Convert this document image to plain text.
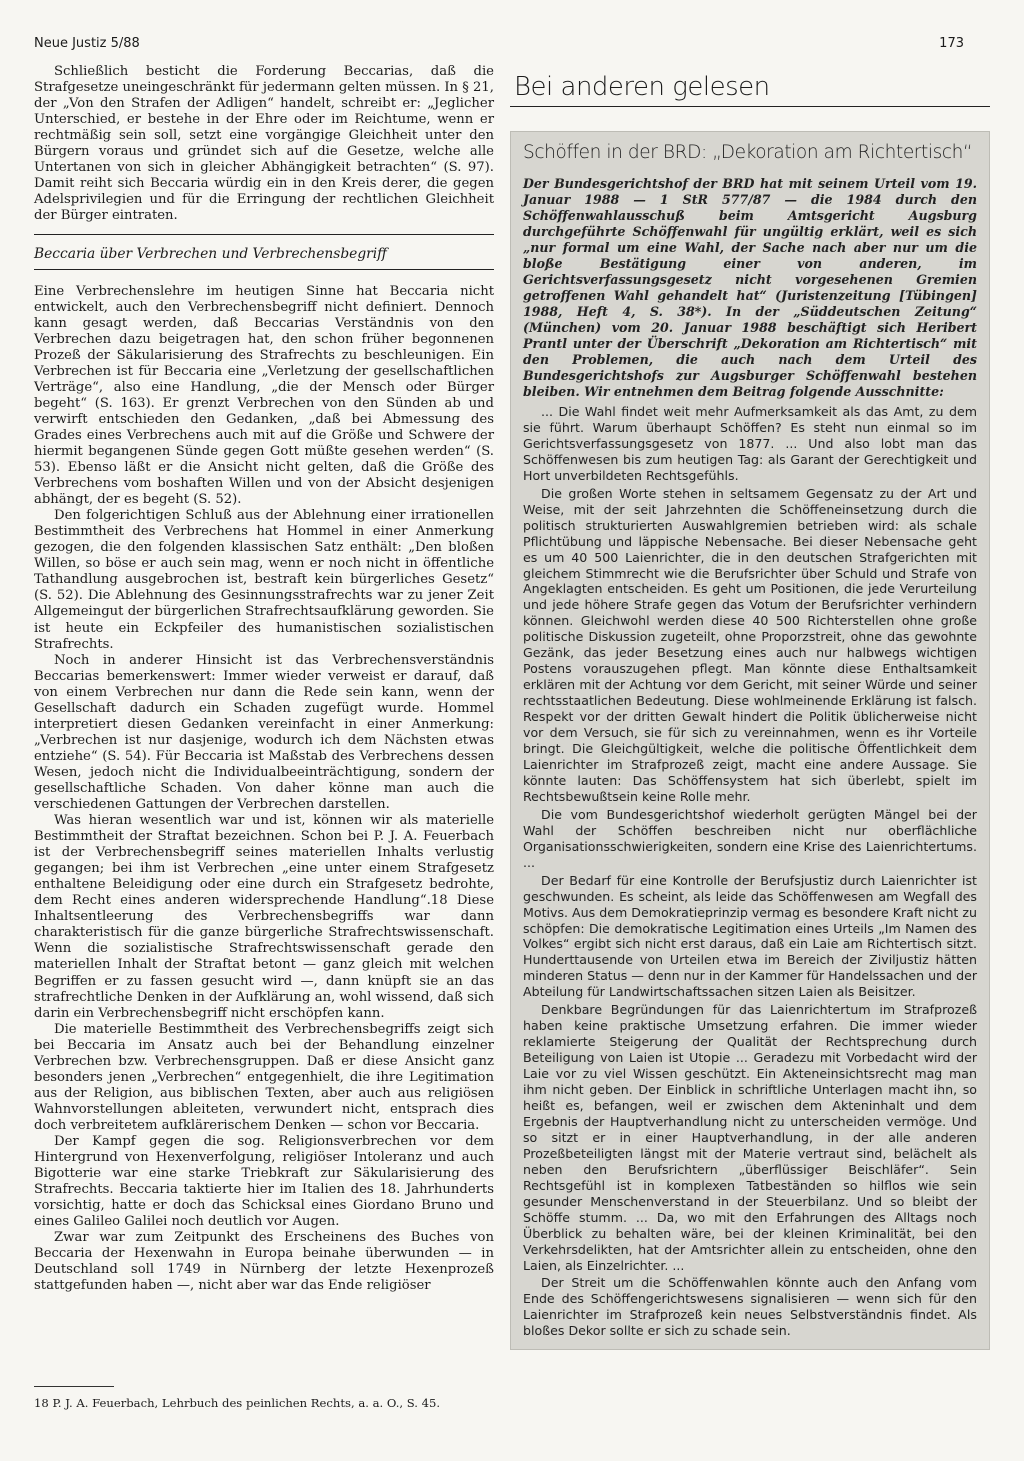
Neue Justiz 5/88	173

Schließlich besticht die Forderung Beccarias, daß die Strafgesetze uneingeschränkt für jedermann gelten müssen. In § 21, der „Von den Strafen der Adligen“ handelt, schreibt er: „Jeglicher Unterschied, er bestehe in der Ehre oder im Reichtume, wenn er rechtmäßig sein soll, setzt eine vorgängige Gleichheit unter den Bürgern voraus und gründet sich auf die Gesetze, welche alle Untertanen von sich in gleicher Abhängigkeit betrachten“ (S. 97). Damit reiht sich Beccaria würdig ein in den Kreis derer, die gegen Adelsprivilegien und für die Erringung der rechtlichen Gleichheit der Bürger eintraten.

Beccaria über Verbrechen und Verbrechensbegriff

Eine Verbrechenslehre im heutigen Sinne hat Beccaria nicht entwickelt, auch den Verbrechensbegriff nicht definiert. Dennoch kann gesagt werden, daß Beccarias Verständnis von den Verbrechen dazu beigetragen hat, den schon früher begonnenen Prozeß der Säkularisierung des Strafrechts zu beschleunigen. Ein Verbrechen ist für Beccaria eine „Verletzung der gesellschaftlichen Verträge“, also eine Handlung, „die der Mensch oder Bürger begeht“ (S. 163). Er grenzt Verbrechen von den Sünden ab und verwirft entschieden den Gedanken, „daß bei Abmessung des Grades eines Verbrechens auch mit auf die Größe und Schwere der hiermit begangenen Sünde gegen Gott müßte gesehen werden“ (S. 53). Ebenso läßt er die Ansicht nicht gelten, daß die Größe des Verbrechens vom boshaften Willen und von der Absicht desjenigen abhängt, der es begeht (S. 52).

Den folgerichtigen Schluß aus der Ablehnung einer irrationellen Bestimmtheit des Verbrechens hat Hommel in einer Anmerkung gezogen, die den folgenden klassischen Satz enthält: „Den bloßen Willen, so böse er auch sein mag, wenn er noch nicht in öffentliche Tathandlung ausgebrochen ist, bestraft kein bürgerliches Gesetz“ (S. 52). Die Ablehnung des Gesinnungsstrafrechts war zu jener Zeit Allgemeingut der bürgerlichen Strafrechtsaufklärung geworden. Sie ist heute ein Eckpfeiler des humanistischen sozialistischen Strafrechts.

Noch in anderer Hinsicht ist das Verbrechensverständnis Beccarias bemerkenswert: Immer wieder verweist er darauf, daß von einem Verbrechen nur dann die Rede sein kann, wenn der Gesellschaft dadurch ein Schaden zugefügt wurde. Hommel interpretiert diesen Gedanken vereinfacht in einer Anmerkung: „Verbrechen ist nur dasjenige, wodurch ich dem Nächsten etwas entziehe“ (S. 54). Für Beccaria ist Maßstab des Verbrechens dessen Wesen, jedoch nicht die Individualbeeinträchtigung, sondern der gesellschaftliche Schaden. Von daher könne man auch die verschiedenen Gattungen der Verbrechen darstellen.

Was hieran wesentlich war und ist, können wir als materielle Bestimmtheit der Straftat bezeichnen. Schon bei P. J. A. Feuerbach ist der Verbrechensbegriff seines materiellen Inhalts verlustig gegangen; bei ihm ist Verbrechen „eine unter einem Strafgesetz enthaltene Beleidigung oder eine durch ein Strafgesetz bedrohte, dem Recht eines anderen widersprechende Handlung“.18 Diese Inhaltsentleerung des Verbrechensbegriffs war dann charakteristisch für die ganze bürgerliche Strafrechtswissenschaft. Wenn die sozialistische Strafrechtswissenschaft gerade den materiellen Inhalt der Straftat betont — ganz gleich mit welchen Begriffen er zu fassen gesucht wird —, dann knüpft sie an das strafrechtliche Denken in der Aufklärung an, wohl wissend, daß sich darin ein Verbrechensbegriff nicht erschöpfen kann.

Die materielle Bestimmtheit des Verbrechensbegriffs zeigt sich bei Beccaria im Ansatz auch bei der Behandlung einzelner Verbrechen bzw. Verbrechensgruppen. Daß er diese Ansicht ganz besonders jenen „Verbrechen“ entgegenhielt, die ihre Legitimation aus der Religion, aus biblischen Texten, aber auch aus religiösen Wahnvorstellungen ableiteten, verwundert nicht, entsprach dies doch verbreitetem aufklärerischem Denken — schon vor Beccaria.

Der Kampf gegen die sog. Religionsverbrechen vor dem Hintergrund von Hexenverfolgung, religiöser Intoleranz und auch Bigotterie war eine starke Triebkraft zur Säkularisierung des Strafrechts. Beccaria taktierte hier im Italien des 18. Jahrhunderts vorsichtig, hatte er doch das Schicksal eines Giordano Bruno und eines Galileo Galilei noch deutlich vor Augen.

Zwar war zum Zeitpunkt des Erscheinens des Buches von Beccaria der Hexenwahn in Europa beinahe überwunden — in Deutschland soll 1749 in Nürnberg der letzte Hexenprozeß stattgefunden haben —, nicht aber war das Ende religiöser

18 P. J. A. Feuerbach, Lehrbuch des peinlichen Rechts, a. a. O., S. 45.
Bei anderen gelesen
Schöffen in der BRD: „Dekoration am Richtertisch“

Der Bundesgerichtshof der BRD hat mit seinem Urteil vom 19. Januar 1988 — 1 StR 577/87 — die 1984 durch den Schöffenwahlausschuß beim Amtsgericht Augsburg durchgeführte Schöffenwahl für ungültig erklärt, weil es sich „nur formal um eine Wahl, der Sache nach aber nur um die bloße Bestätigung einer von anderen, im Gerichtsverfassungsgesetz nicht vorgesehenen Gremien getroffenen Wahl gehandelt hat“ (Juristenzeitung [Tübingen] 1988, Heft 4, S. 38*). In der „Süddeutschen Zeitung“ (München) vom 20. Januar 1988 beschäftigt sich Heribert Prantl unter der Überschrift „Dekoration am Richtertisch“ mit den Problemen, die auch nach dem Urteil des Bundesgerichtshofs zur Augsburger Schöffenwahl bestehen bleiben. Wir entnehmen dem Beitrag folgende Ausschnitte:

... Die Wahl findet weit mehr Aufmerksamkeit als das Amt, zu dem sie führt. Warum überhaupt Schöffen? Es steht nun einmal so im Gerichtsverfassungsgesetz von 1877. ... Und also lobt man das Schöffenwesen bis zum heutigen Tag: als Garant der Gerechtigkeit und Hort unverbildeten Rechtsgefühls.

Die großen Worte stehen in seltsamem Gegensatz zu der Art und Weise, mit der seit Jahrzehnten die Schöffeneinsetzung durch die politisch strukturierten Auswahlgremien betrieben wird: als schale Pflichtübung und läppische Nebensache. Bei dieser Nebensache geht es um 40 500 Laienrichter, die in den deutschen Strafgerichten mit gleichem Stimmrecht wie die Berufsrichter über Schuld und Strafe von Angeklagten entscheiden. Es geht um Positionen, die jede Verurteilung und jede höhere Strafe gegen das Votum der Berufsrichter verhindern können. Gleichwohl werden diese 40 500 Richterstellen ohne große politische Diskussion zugeteilt, ohne Proporzstreit, ohne das gewohnte Gezänk, das jeder Besetzung eines auch nur halbwegs wichtigen Postens vorauszugehen pflegt. Man könnte diese Enthaltsamkeit erklären mit der Achtung vor dem Gericht, mit seiner Würde und seiner rechtsstaatlichen Bedeutung. Diese wohlmeinende Erklärung ist falsch. Respekt vor der dritten Gewalt hindert die Politik üblicherweise nicht vor dem Versuch, sie für sich zu vereinnahmen, wenn es ihr Vorteile bringt. Die Gleichgültigkeit, welche die politische Öffentlichkeit dem Laienrichter im Strafprozeß zeigt, macht eine andere Aussage. Sie könnte lauten: Das Schöffensystem hat sich überlebt, spielt im Rechtsbewußtsein keine Rolle mehr.

Die vom Bundesgerichtshof wiederholt gerügten Mängel bei der Wahl der Schöffen beschreiben nicht nur oberflächliche Organisationsschwierigkeiten, sondern eine Krise des Laienrichtertums. ...

Der Bedarf für eine Kontrolle der Berufsjustiz durch Laienrichter ist geschwunden. Es scheint, als leide das Schöffenwesen am Wegfall des Motivs. Aus dem Demokratieprinzip vermag es besondere Kraft nicht zu schöpfen: Die demokratische Legitimation eines Urteils „Im Namen des Volkes“ ergibt sich nicht erst daraus, daß ein Laie am Richtertisch sitzt. Hunderttausende von Urteilen etwa im Bereich der Ziviljustiz hätten minderen Status — denn nur in der Kammer für Handelssachen und der Abteilung für Landwirtschaftssachen sitzen Laien als Beisitzer.

Denkbare Begründungen für das Laienrichtertum im Strafprozeß haben keine praktische Umsetzung erfahren. Die immer wieder reklamierte Steigerung der Qualität der Rechtsprechung durch Beteiligung von Laien ist Utopie ... Geradezu mit Vorbedacht wird der Laie vor zu viel Wissen geschützt. Ein Akteneinsichtsrecht mag man ihm nicht geben. Der Einblick in schriftliche Unterlagen macht ihn, so heißt es, befangen, weil er zwischen dem Akteninhalt und dem Ergebnis der Hauptverhandlung nicht zu unterscheiden vermöge. Und so sitzt er in einer Hauptverhandlung, in der alle anderen Prozeßbeteiligten längst mit der Materie vertraut sind, belächelt als neben den Berufsrichtern „überflüssiger Beischläfer“. Sein Rechtsgefühl ist in komplexen Tatbeständen so hilflos wie sein gesunder Menschenverstand in der Steuerbilanz. Und so bleibt der Schöffe stumm. ... Da, wo mit den Erfahrungen des Alltags noch Überblick zu behalten wäre, bei der kleinen Kriminalität, bei den Verkehrsdelikten, hat der Amtsrichter allein zu entscheiden, ohne den Laien, als Einzelrichter. ...

Der Streit um die Schöffenwahlen könnte auch den Anfang vom Ende des Schöffengerichtswesens signalisieren — wenn sich für den Laienrichter im Strafprozeß kein neues Selbstverständnis findet. Als bloßes Dekor sollte er sich zu schade sein.
